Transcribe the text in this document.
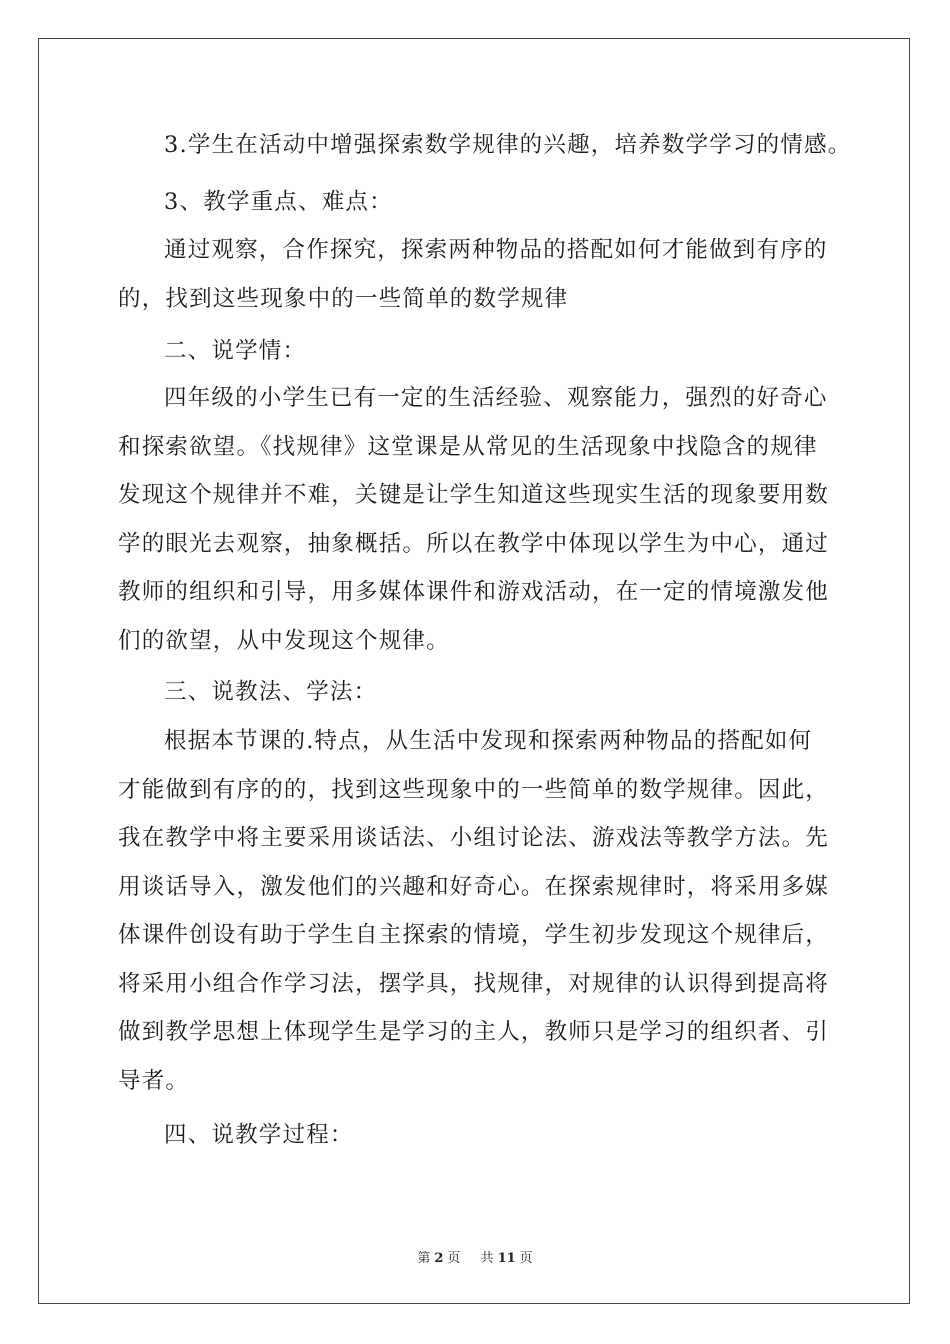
3.学生在活动中增强探索数学规律的兴趣，培养数学学习的情感。
3、教学重点、难点：
通过观察，合作探究，探索两种物品的搭配如何才能做到有序的
的，找到这些现象中的一些简单的数学规律
二、说学情：
四年级的小学生已有一定的生活经验、观察能力，强烈的好奇心
和探索欲望。《找规律》这堂课是从常见的生活现象中找隐含的规律
发现这个规律并不难，关键是让学生知道这些现实生活的现象要用数
学的眼光去观察，抽象概括。所以在教学中体现以学生为中心，通过
教师的组织和引导，用多媒体课件和游戏活动，在一定的情境激发他
们的欲望，从中发现这个规律。
三、说教法、学法：
根据本节课的.特点，从生活中发现和探索两种物品的搭配如何
才能做到有序的的，找到这些现象中的一些简单的数学规律。因此，
我在教学中将主要采用谈话法、小组讨论法、游戏法等教学方法。先
用谈话导入，激发他们的兴趣和好奇心。在探索规律时，将采用多媒
体课件创设有助于学生自主探索的情境，学生初步发现这个规律后，
将采用小组合作学习法，摆学具，找规律，对规律的认识得到提高将
做到教学思想上体现学生是学习的主人，教师只是学习的组织者、引
导者。
四、说教学过程：
第 2 页 共 11 页
